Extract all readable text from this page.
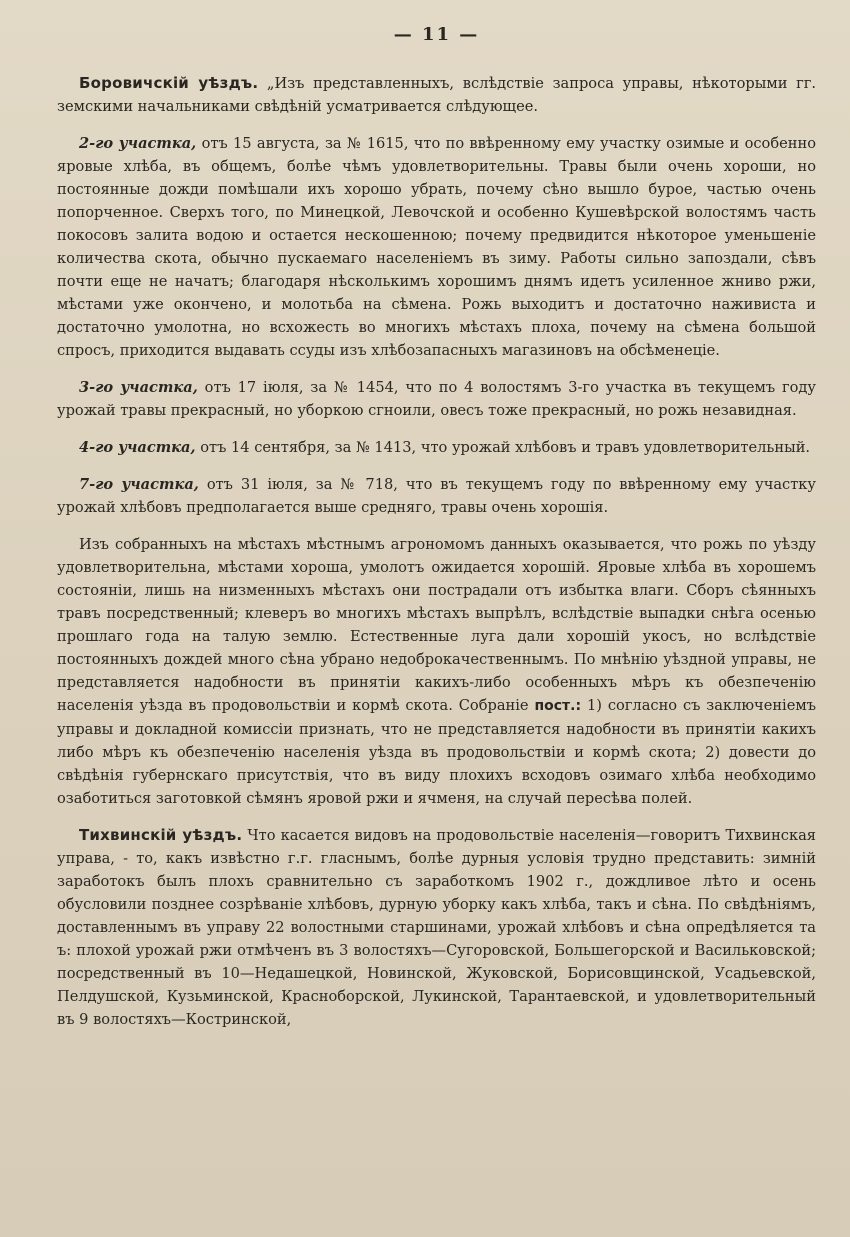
— 11 —

Боровичскій уѣздъ. „Изъ представленныхъ, вслѣдствіе запроса управы, нѣкоторыми гг. земскими начальниками свѣдѣній усматривается слѣдующее.

2-го участка, отъ 15 августа, за № 1615, что по ввѣренному ему участку озимые и особенно яровые хлѣба, въ общемъ, болѣе чѣмъ удовлетворительны. Травы были очень хороши, но постоянные дожди помѣшали ихъ хорошо убрать, почему сѣно вышло бурое, частью очень попорченное. Сверхъ того, по Минецкой, Левочской и особенно Кушевѣрской волостямъ часть покосовъ залита водою и остается нескошенною; почему предвидится нѣкоторое уменьшеніе количества скота, обычно пускаемаго населеніемъ въ зиму. Работы сильно запоздали, сѣвъ почти еще не начатъ; благодаря нѣсколькимъ хорошимъ днямъ идетъ усиленное жниво ржи, мѣстами уже окончено, и молотьба на сѣмена. Рожь выходитъ и достаточно наживиста и достаточно умолотна, но всхожесть во многихъ мѣстахъ плоха, почему на сѣмена большой спросъ, приходится выдавать ссуды изъ хлѣбозапасныхъ магазиновъ на обсѣменеціе.

3-го участка, отъ 17 іюля, за № 1454, что по 4 волостямъ 3-го участка въ текущемъ году урожай травы прекрасный, но уборкою сгноили, овесъ тоже прекрасный, но рожь незавидная.

4-го участка, отъ 14 сентября, за № 1413, что урожай хлѣбовъ и травъ удовлетворительный.

7-го участка, отъ 31 іюля, за № 718, что въ текущемъ году по ввѣренному ему участку урожай хлѣбовъ предполагается выше средняго, травы очень хорошія.

Изъ собранныхъ на мѣстахъ мѣстнымъ агрономомъ данныхъ оказывается, что рожь по уѣзду удовлетворительна, мѣстами хороша, умолотъ ожидается хорошій. Яровые хлѣба въ хорошемъ состояніи, лишь на низменныхъ мѣстахъ они пострадали отъ избытка влаги. Сборъ сѣянныхъ травъ посредственный; клеверъ во многихъ мѣстахъ выпрѣлъ, вслѣдствіе выпадки снѣга осенью прошлаго года на талую землю. Естественные луга дали хорошій укосъ, но вслѣдствіе постоянныхъ дождей много сѣна убрано недоброкачественнымъ. По мнѣнію уѣздной управы, не представляется надобности въ принятіи какихъ-либо особенныхъ мѣръ къ обезпеченію населенія уѣзда въ продовольствіи и кормѣ скота. Собраніе пост.: 1) согласно съ заключеніемъ управы и докладной комиссіи признать, что не представляется надобности въ принятіи какихъ либо мѣръ къ обезпеченію населенія уѣзда въ продовольствіи и кормѣ скота; 2) довести до свѣдѣнія губернскаго присутствія, что въ виду плохихъ всходовъ озимаго хлѣба необходимо озаботиться заготовкой сѣмянъ яровой ржи и ячменя, на случай пересѣва полей.

Тихвинскій уѣздъ. Что касается видовъ на продовольствіе населенія—говоритъ Тихвинская управа, - то, какъ извѣстно г.г. гласнымъ, болѣе дурныя условія трудно представить: зимній заработокъ былъ плохъ сравнительно съ заработкомъ 1902 г., дождливое лѣто и осень обусловили позднее созрѣваніе хлѣбовъ, дурную уборку какъ хлѣба, такъ и сѣна. По свѣдѣніямъ, доставленнымъ въ управу 22 волостными старшинами, урожай хлѣбовъ и сѣна опредѣляется та ъ: плохой урожай ржи отмѣченъ въ 3 волостяхъ—Сугоровской, Большегорской и Васильковской; посредственный въ 10—Недашецкой, Новинской, Жуковской, Борисовщинской, Усадьевской, Пелдушской, Кузьминской, Красноборской, Лукинской, Тарантаевской, и удовлетворительный въ 9 волостяхъ—Костринской,
